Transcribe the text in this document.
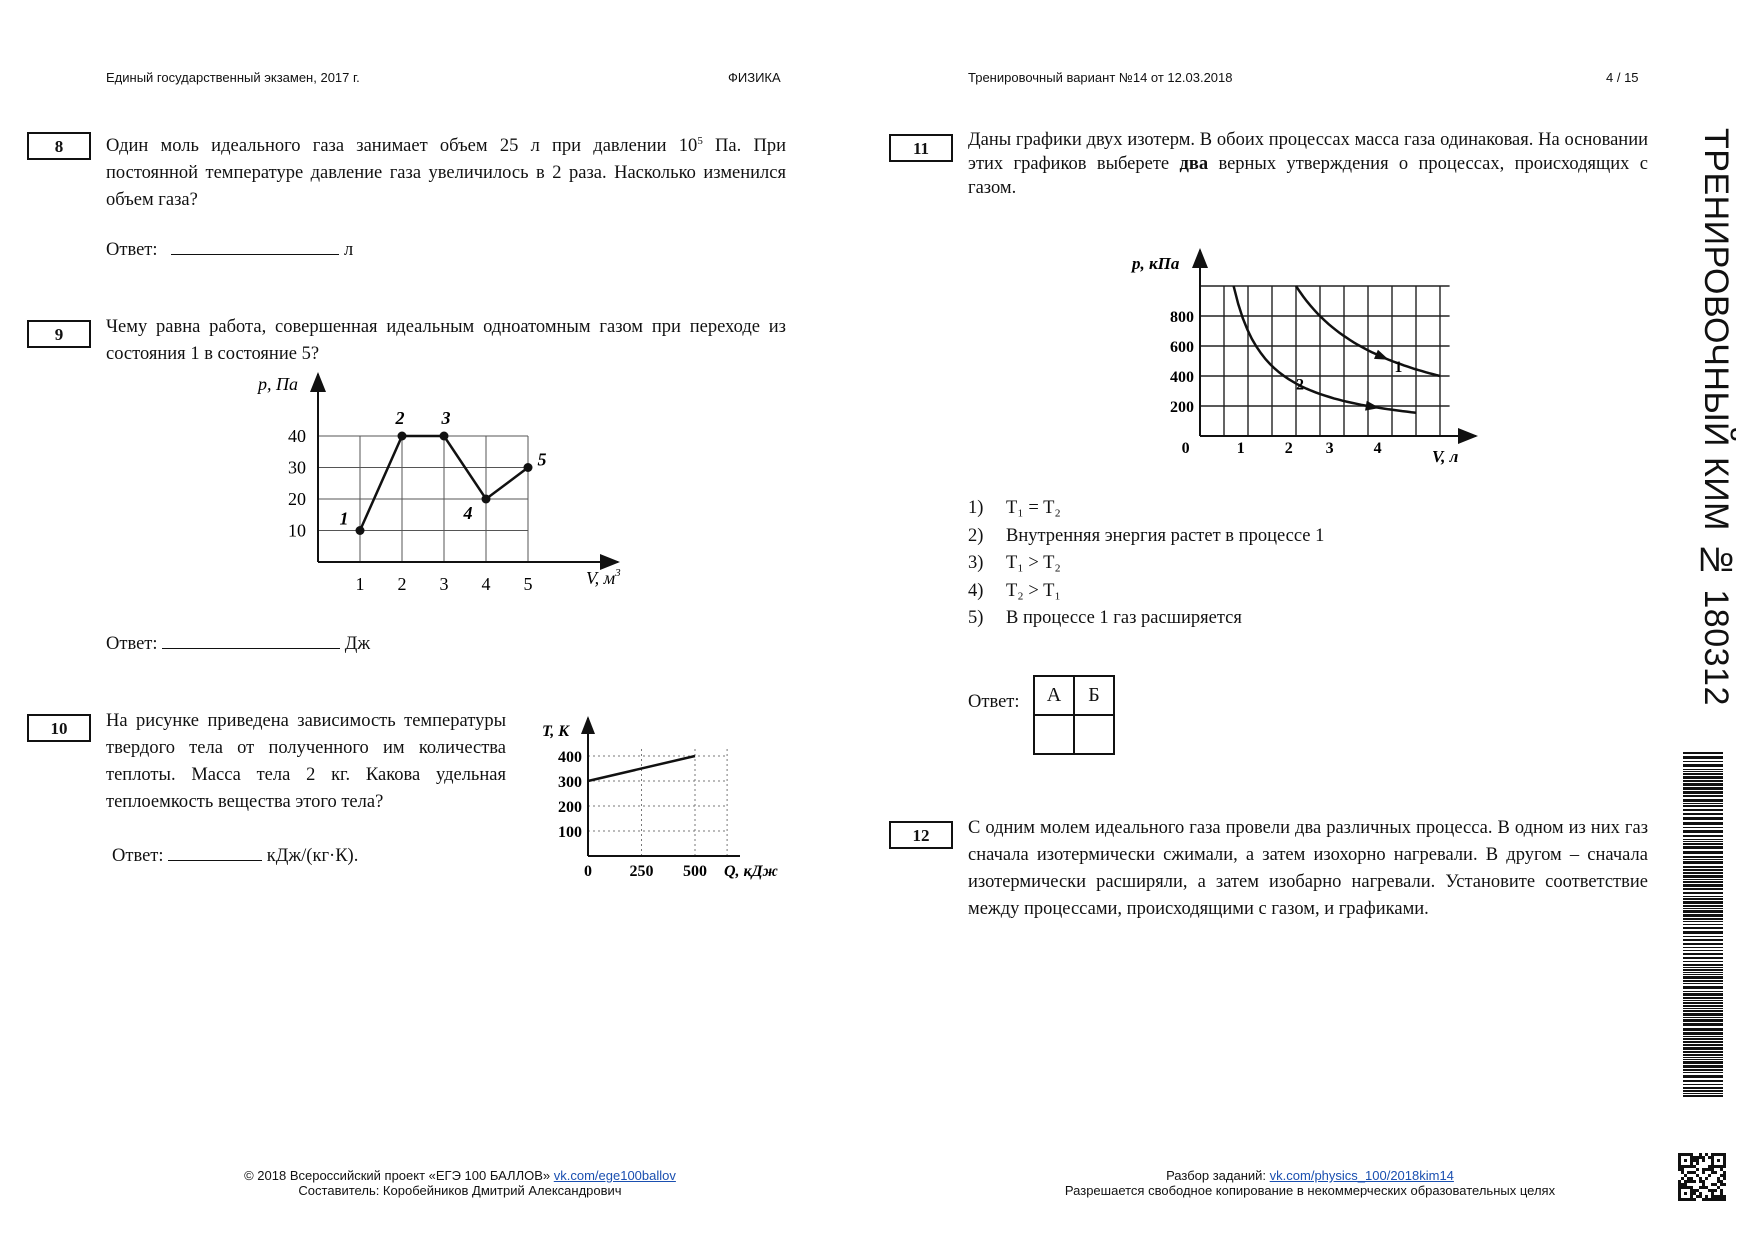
Единый государственный экзамен, 2017 г.	ФИЗИКА	Тренировочный вариант №14 от 12.03.2018	4 / 15
8	Один моль идеального газа занимает объем 25 л при давлении $10^5$ Па. При постоянной температуре давление газа увеличилось в 2 раза. Насколько изменился объем газа?
Ответ:	л
9	Чему равна работа, совершенная идеальным одноатомным газом при переходе из состояния 1 в состояние 5?
1 2 3 4 5
10
20
30
40
1
2 3
4
5
p, Па
V, $м^3$
Ответ:	Дж
10	На рисунке приведена зависимость температуры твердого тела от полученного им количества теплоты. Масса тела 2 кг. Какова удельная теплоемкость вещества этого тела?
Ответ:	кДж/(кг·К).
0 250 500
100
200
300
400
T, К
Q, кДж
11	Даны графики двух изотерм. В обоих процессах масса газа одинаковая. На основании этих графиков выберете два верных утверждения о процессах, происходящих с газом.
0	1	2 3	4
200
400
600
800
p, кПа
V, л
1
2
1) T₁ = T₂
2) Внутренняя энергия растет в процессе 1
3) T₁ > T₂
4) T₂ > T₁
5) В процессе 1 газ расширяется
Ответ: А	Б

12	С одним молем идеального газа провели два различных процесса. В одном из них газ сначала изотермически сжимали, а затем изохорно нагревали. В другом – сначала изотермически расширяли, а затем изобарно нагревали. Установите соответствие между процессами, происходящими с газом, и графиками.
ТРЕНИРОВОЧНЫЙ КИМ № 180312
© 2018 Всероссийский проект «ЕГЭ 100 БАЛЛОВ» vk.com/ege100ballov
Составитель: Коробейников Дмитрий Александрович
Разбор заданий: vk.com/physics_100/2018kim14
Разрешается свободное копирование в некоммерческих образовательных целях
